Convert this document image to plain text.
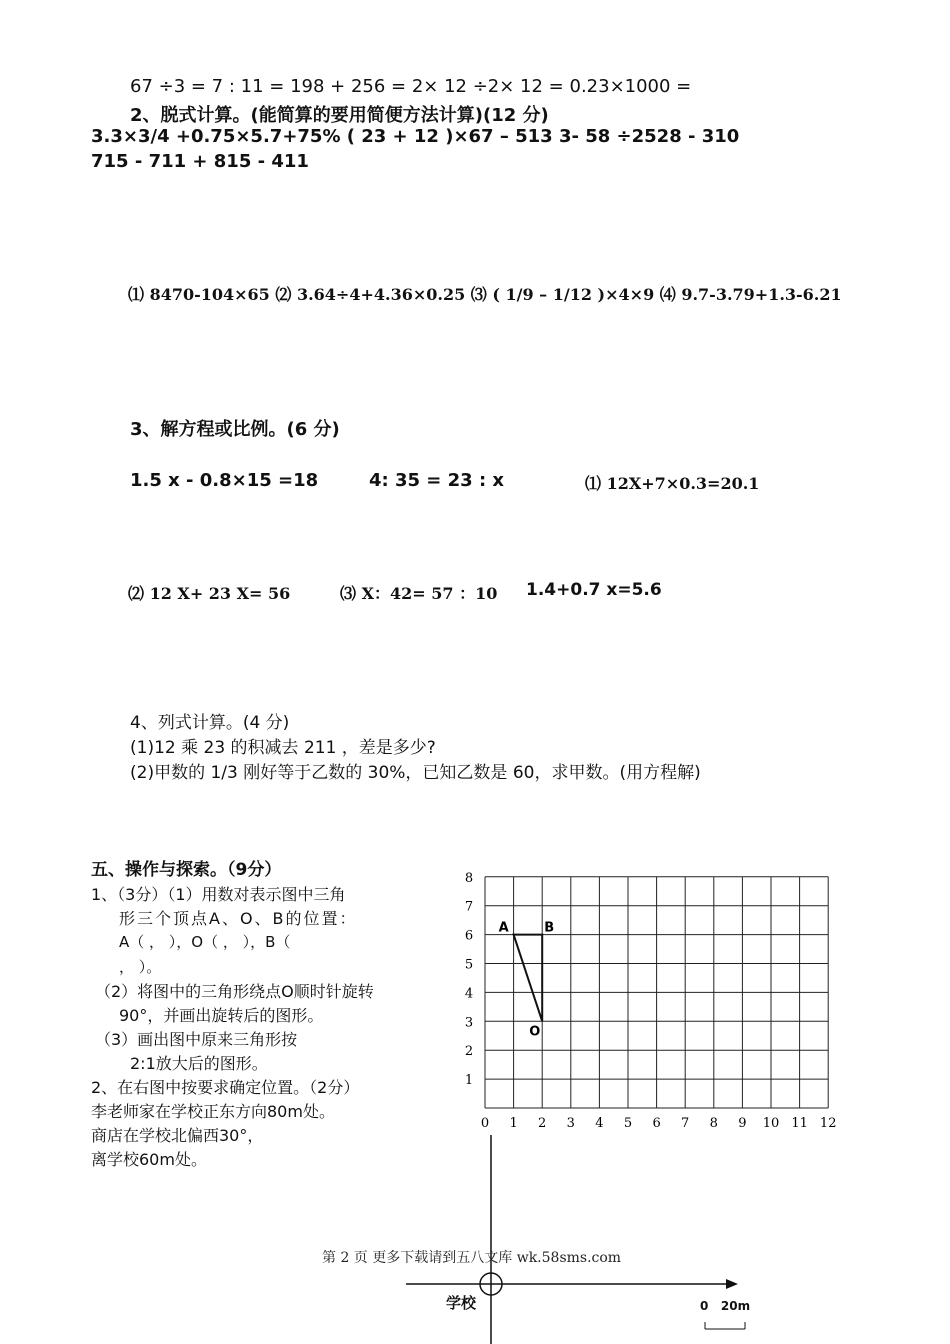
67 ÷3 = 7 : 11 = 198 + 256 = 2× 12 ÷2× 12 = 0.23×1000 =
2、脱式计算。(能简算的要用简便方法计算)(12 分)
3.3×3/4 +0.75×5.7+75% ( 23 + 12 )×67 – 513 3- 58 ÷2528 - 310
715 - 711 + 815 - 411
⑴ 8470-104×65 ⑵ 3.64÷4+4.36×0.25 ⑶ ( 1/9 – 1/12 )×4×9 ⑷ 9.7-3.79+1.3-6.21
3、解方程或比例。(6 分)
1.5 x - 0.8×15 =18	4: 35 = 23 : x	⑴ 12X+7×0.3=20.1
⑵ 12 X+ 23 X= 56	⑶ X：42= 57 ：10 1.4+0.7 x=5.6
4、列式计算。(4 分)
(1)12 乘 23 的积减去 211 ，差是多少?
(2)甲数的 1/3 刚好等于乙数的 30%，已知乙数是 60，求甲数。(用方程解)
五、操作与探索。（9分）
1、（3分）（1）用数对表示图中三角
形三个顶点A、O、B的位置：
A（ ， ），O（ ， ），B（
， ）。
（2）将图中的三角形绕点O顺时针旋转
90°，并画出旋转后的图形。
（3）画出图中原来三角形按
2:1放大后的图形。
2、在右图中按要求确定位置。（2分）
李老师家在学校正东方向80m处。
商店在学校北偏西30°，
离学校60m处。
0 1 2 3 4 5 6 7 8 9 10 11 12
1
2
3
4
5
6
7
8
A	B
O
学校	0   20m
第 2 页 更多下载请到五八文库 wk.58sms.com
